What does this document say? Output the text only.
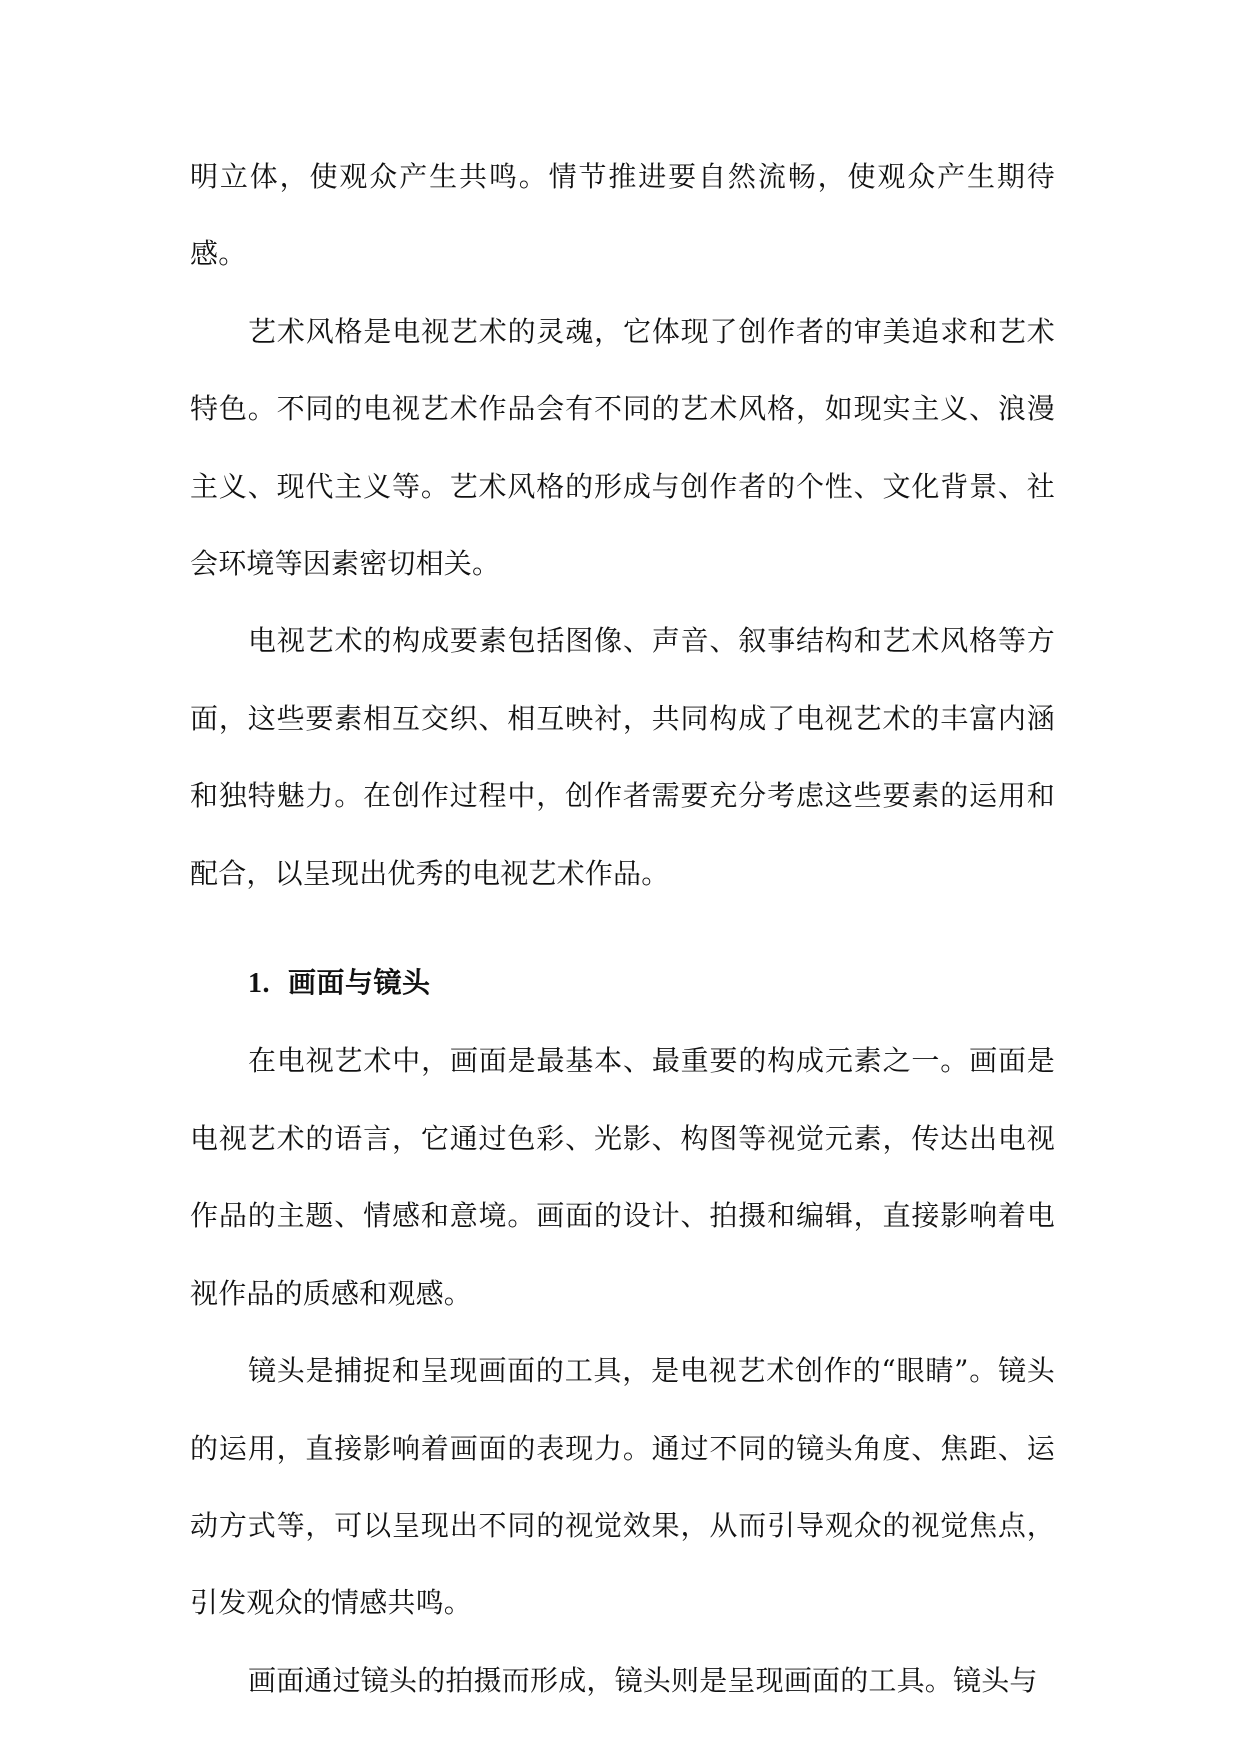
明立体，使观众产生共鸣。情节推进要自然流畅，使观众产生期待感。

艺术风格是电视艺术的灵魂，它体现了创作者的审美追求和艺术特色。不同的电视艺术作品会有不同的艺术风格，如现实主义、浪漫主义、现代主义等。艺术风格的形成与创作者的个性、文化背景、社会环境等因素密切相关。

电视艺术的构成要素包括图像、声音、叙事结构和艺术风格等方面，这些要素相互交织、相互映衬，共同构成了电视艺术的丰富内涵和独特魅力。在创作过程中，创作者需要充分考虑这些要素的运用和配合，以呈现出优秀的电视艺术作品。

1. 画面与镜头

在电视艺术中，画面是最基本、最重要的构成元素之一。画面是电视艺术的语言，它通过色彩、光影、构图等视觉元素，传达出电视作品的主题、情感和意境。画面的设计、拍摄和编辑，直接影响着电视作品的质感和观感。

镜头是捕捉和呈现画面的工具，是电视艺术创作的“眼睛”。镜头的运用，直接影响着画面的表现力。通过不同的镜头角度、焦距、运动方式等，可以呈现出不同的视觉效果，从而引导观众的视觉焦点，引发观众的情感共鸣。

画面通过镜头的拍摄而形成，镜头则是呈现画面的工具。镜头与
